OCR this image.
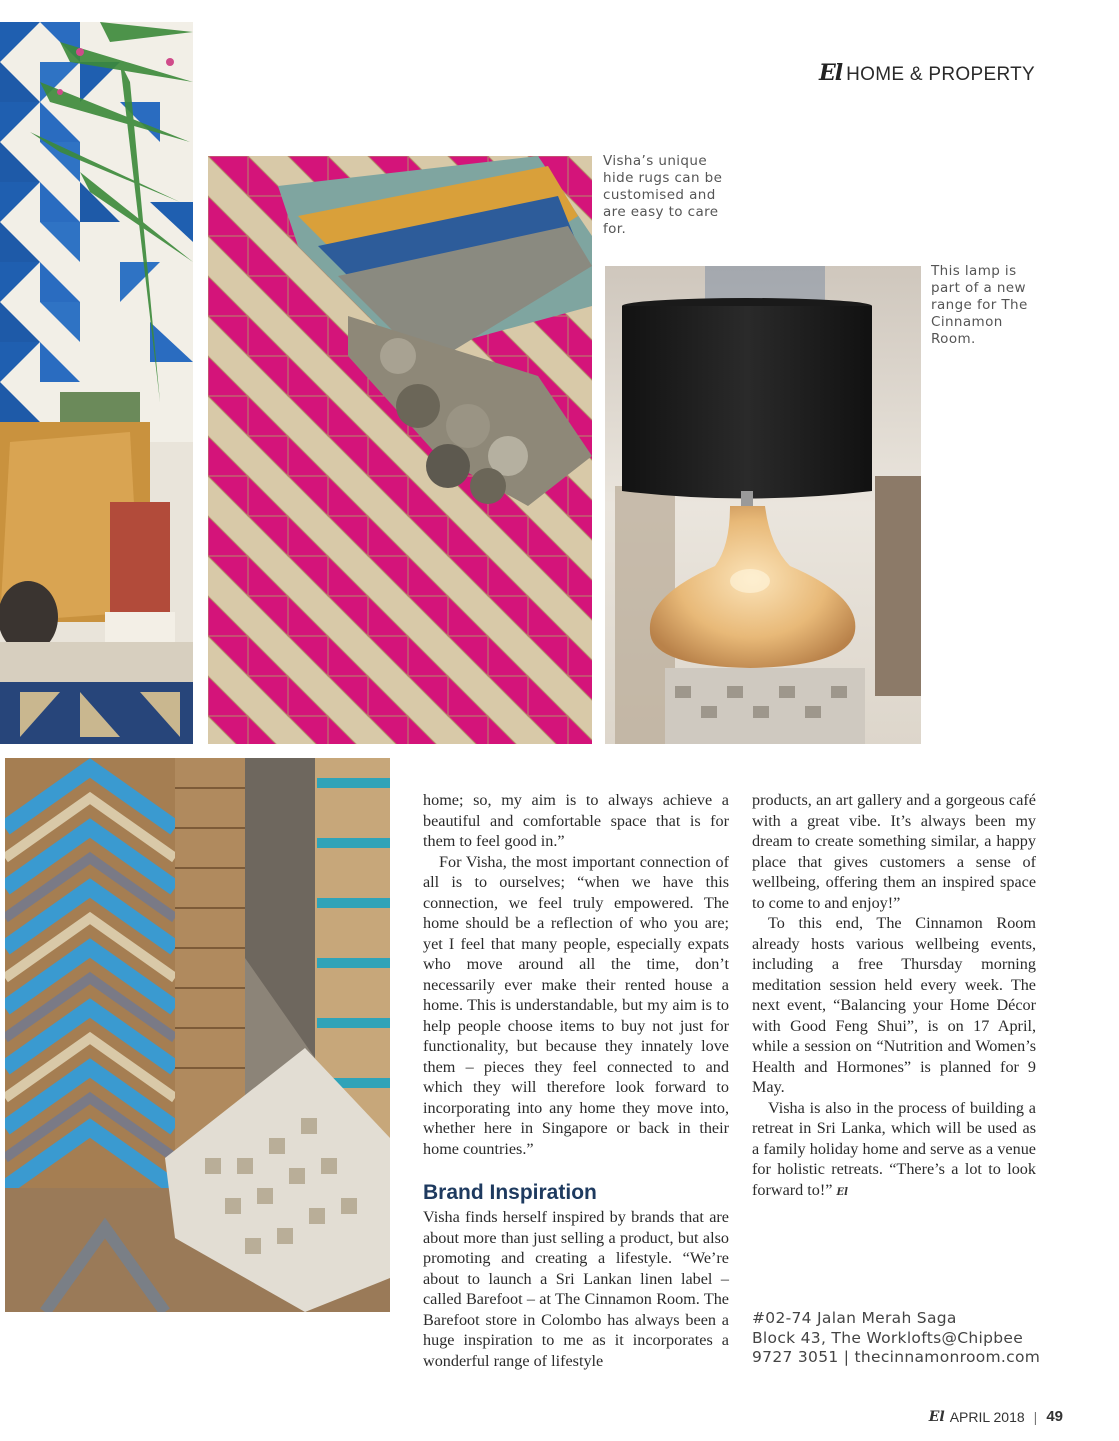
El HOME & PROPERTY
Visha’s unique hide rugs can be customised and are easy to care for.
This lamp is part of a new range for The Cinnamon Room.

home; so, my aim is to always achieve a beautiful and comfortable space that is for them to feel good in.”

For Visha, the most important connection of all is to ourselves; “when we have this connection, we feel truly empowered. The home should be a reflection of who you are; yet I feel that many people, especially expats who move around all the time, don’t necessarily ever make their rented house a home. This is understandable, but my aim is to help people choose items to buy not just for functionality, but because they innately love them – pieces they feel connected to and which they will therefore look forward to incorporating into any home they move into, whether here in Singapore or back in their home countries.”

Brand Inspiration

Visha finds herself inspired by brands that are about more than just selling a product, but also promoting and creating a lifestyle. “We’re about to launch a Sri Lankan linen label – called Barefoot – at The Cinnamon Room. The Barefoot store in Colombo has always been a huge inspiration to me as it incorporates a wonderful range of lifestyle

products, an art gallery and a gorgeous café with a great vibe. It’s always been my dream to create something similar, a happy place that gives customers a sense of wellbeing, offering them an inspired space to come to and enjoy!”

To this end, The Cinnamon Room already hosts various wellbeing events, including a free Thursday morning meditation session held every week. The next event, “Balancing your Home Décor with Good Feng Shui”, is on 17 April, while a session on “Nutrition and Women’s Health and Hormones” is planned for 9 May.

Visha is also in the process of building a retreat in Sri Lanka, which will be used as a family holiday home and serve as a venue for holistic retreats. “There’s a lot to look forward to!” El

#02-74 Jalan Merah Saga
Block 43, The Worklofts@Chipbee
9727 3051 | thecinnamonroom.com
El APRIL 2018 | 49
